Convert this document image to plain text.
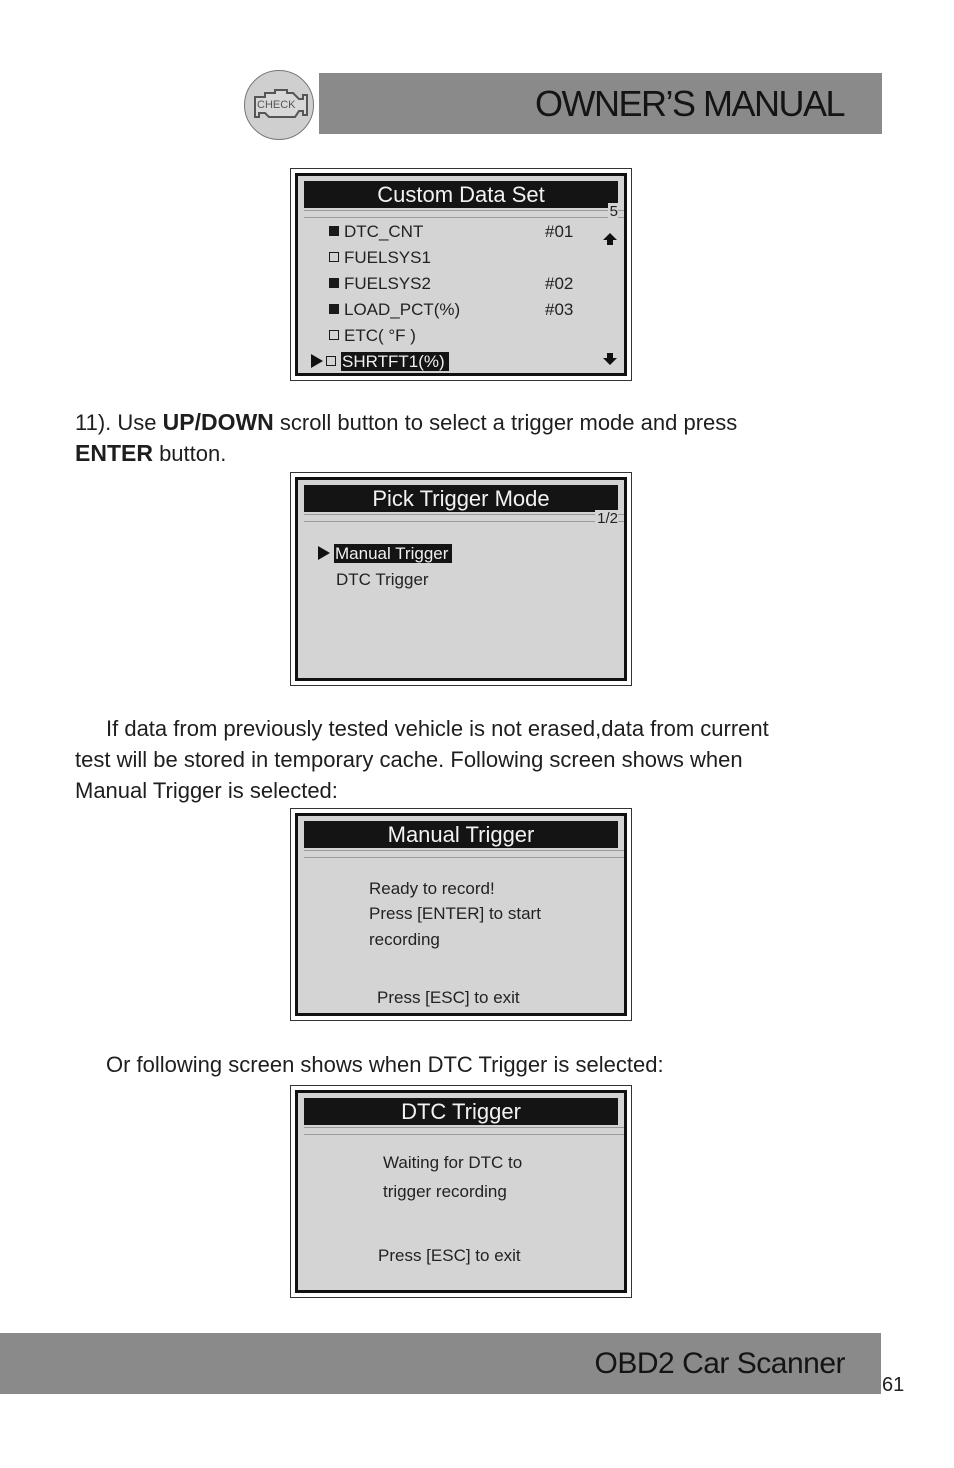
OWNER’S MANUAL
CHECK
Custom Data Set
5
DTC_CNT	#01
FUELSYS1
FUELSYS2	#02
LOAD_PCT(%)	#03
ETC( °F )
SHRTFT1(%)
11). Use UP/DOWN scroll button to select a trigger mode and press
ENTER button.
Pick Trigger Mode
1/2
Manual Trigger
DTC Trigger
If data from previously tested vehicle is not erased,data from current
test will be stored in temporary cache. Following screen shows when
Manual Trigger is selected:
Manual Trigger
Ready to record!
Press [ENTER] to start
recording
Press [ESC] to exit
Or following screen shows when DTC Trigger is selected:
DTC Trigger
Waiting for DTC to
trigger recording
Press [ESC] to exit
OBD2 Car Scanner
61
